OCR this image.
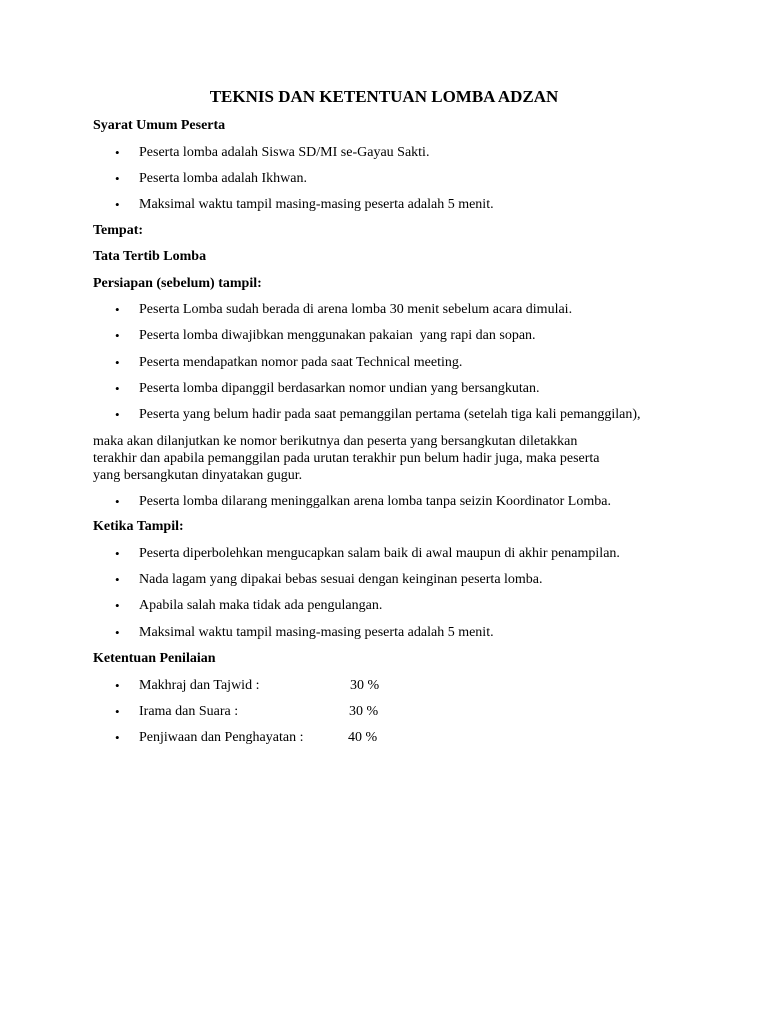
TEKNIS DAN KETENTUAN LOMBA ADZAN
Syarat Umum Peserta
• Peserta lomba adalah Siswa SD/MI se-Gayau Sakti.
• Peserta lomba adalah Ikhwan.
• Maksimal waktu tampil masing-masing peserta adalah 5 menit.
Tempat:
Tata Tertib Lomba
Persiapan (sebelum) tampil:
• Peserta Lomba sudah berada di arena lomba 30 menit sebelum acara dimulai.
• Peserta lomba diwajibkan menggunakan pakaian  yang rapi dan sopan.
• Peserta mendapatkan nomor pada saat Technical meeting.
• Peserta lomba dipanggil berdasarkan nomor undian yang bersangkutan.
• Peserta yang belum hadir pada saat pemanggilan pertama (setelah tiga kali pemanggilan),
maka akan dilanjutkan ke nomor berikutnya dan peserta yang bersangkutan diletakkan
terakhir dan apabila pemanggilan pada urutan terakhir pun belum hadir juga, maka peserta
yang bersangkutan dinyatakan gugur.
• Peserta lomba dilarang meninggalkan arena lomba tanpa seizin Koordinator Lomba.
Ketika Tampil:
• Peserta diperbolehkan mengucapkan salam baik di awal maupun di akhir penampilan.
• Nada lagam yang dipakai bebas sesuai dengan keinginan peserta lomba.
• Apabila salah maka tidak ada pengulangan.
• Maksimal waktu tampil masing-masing peserta adalah 5 menit.
Ketentuan Penilaian
• Makhraj dan Tajwid :	30 %
• Irama dan Suara :	30 %
• Penjiwaan dan Penghayatan :	40 %
